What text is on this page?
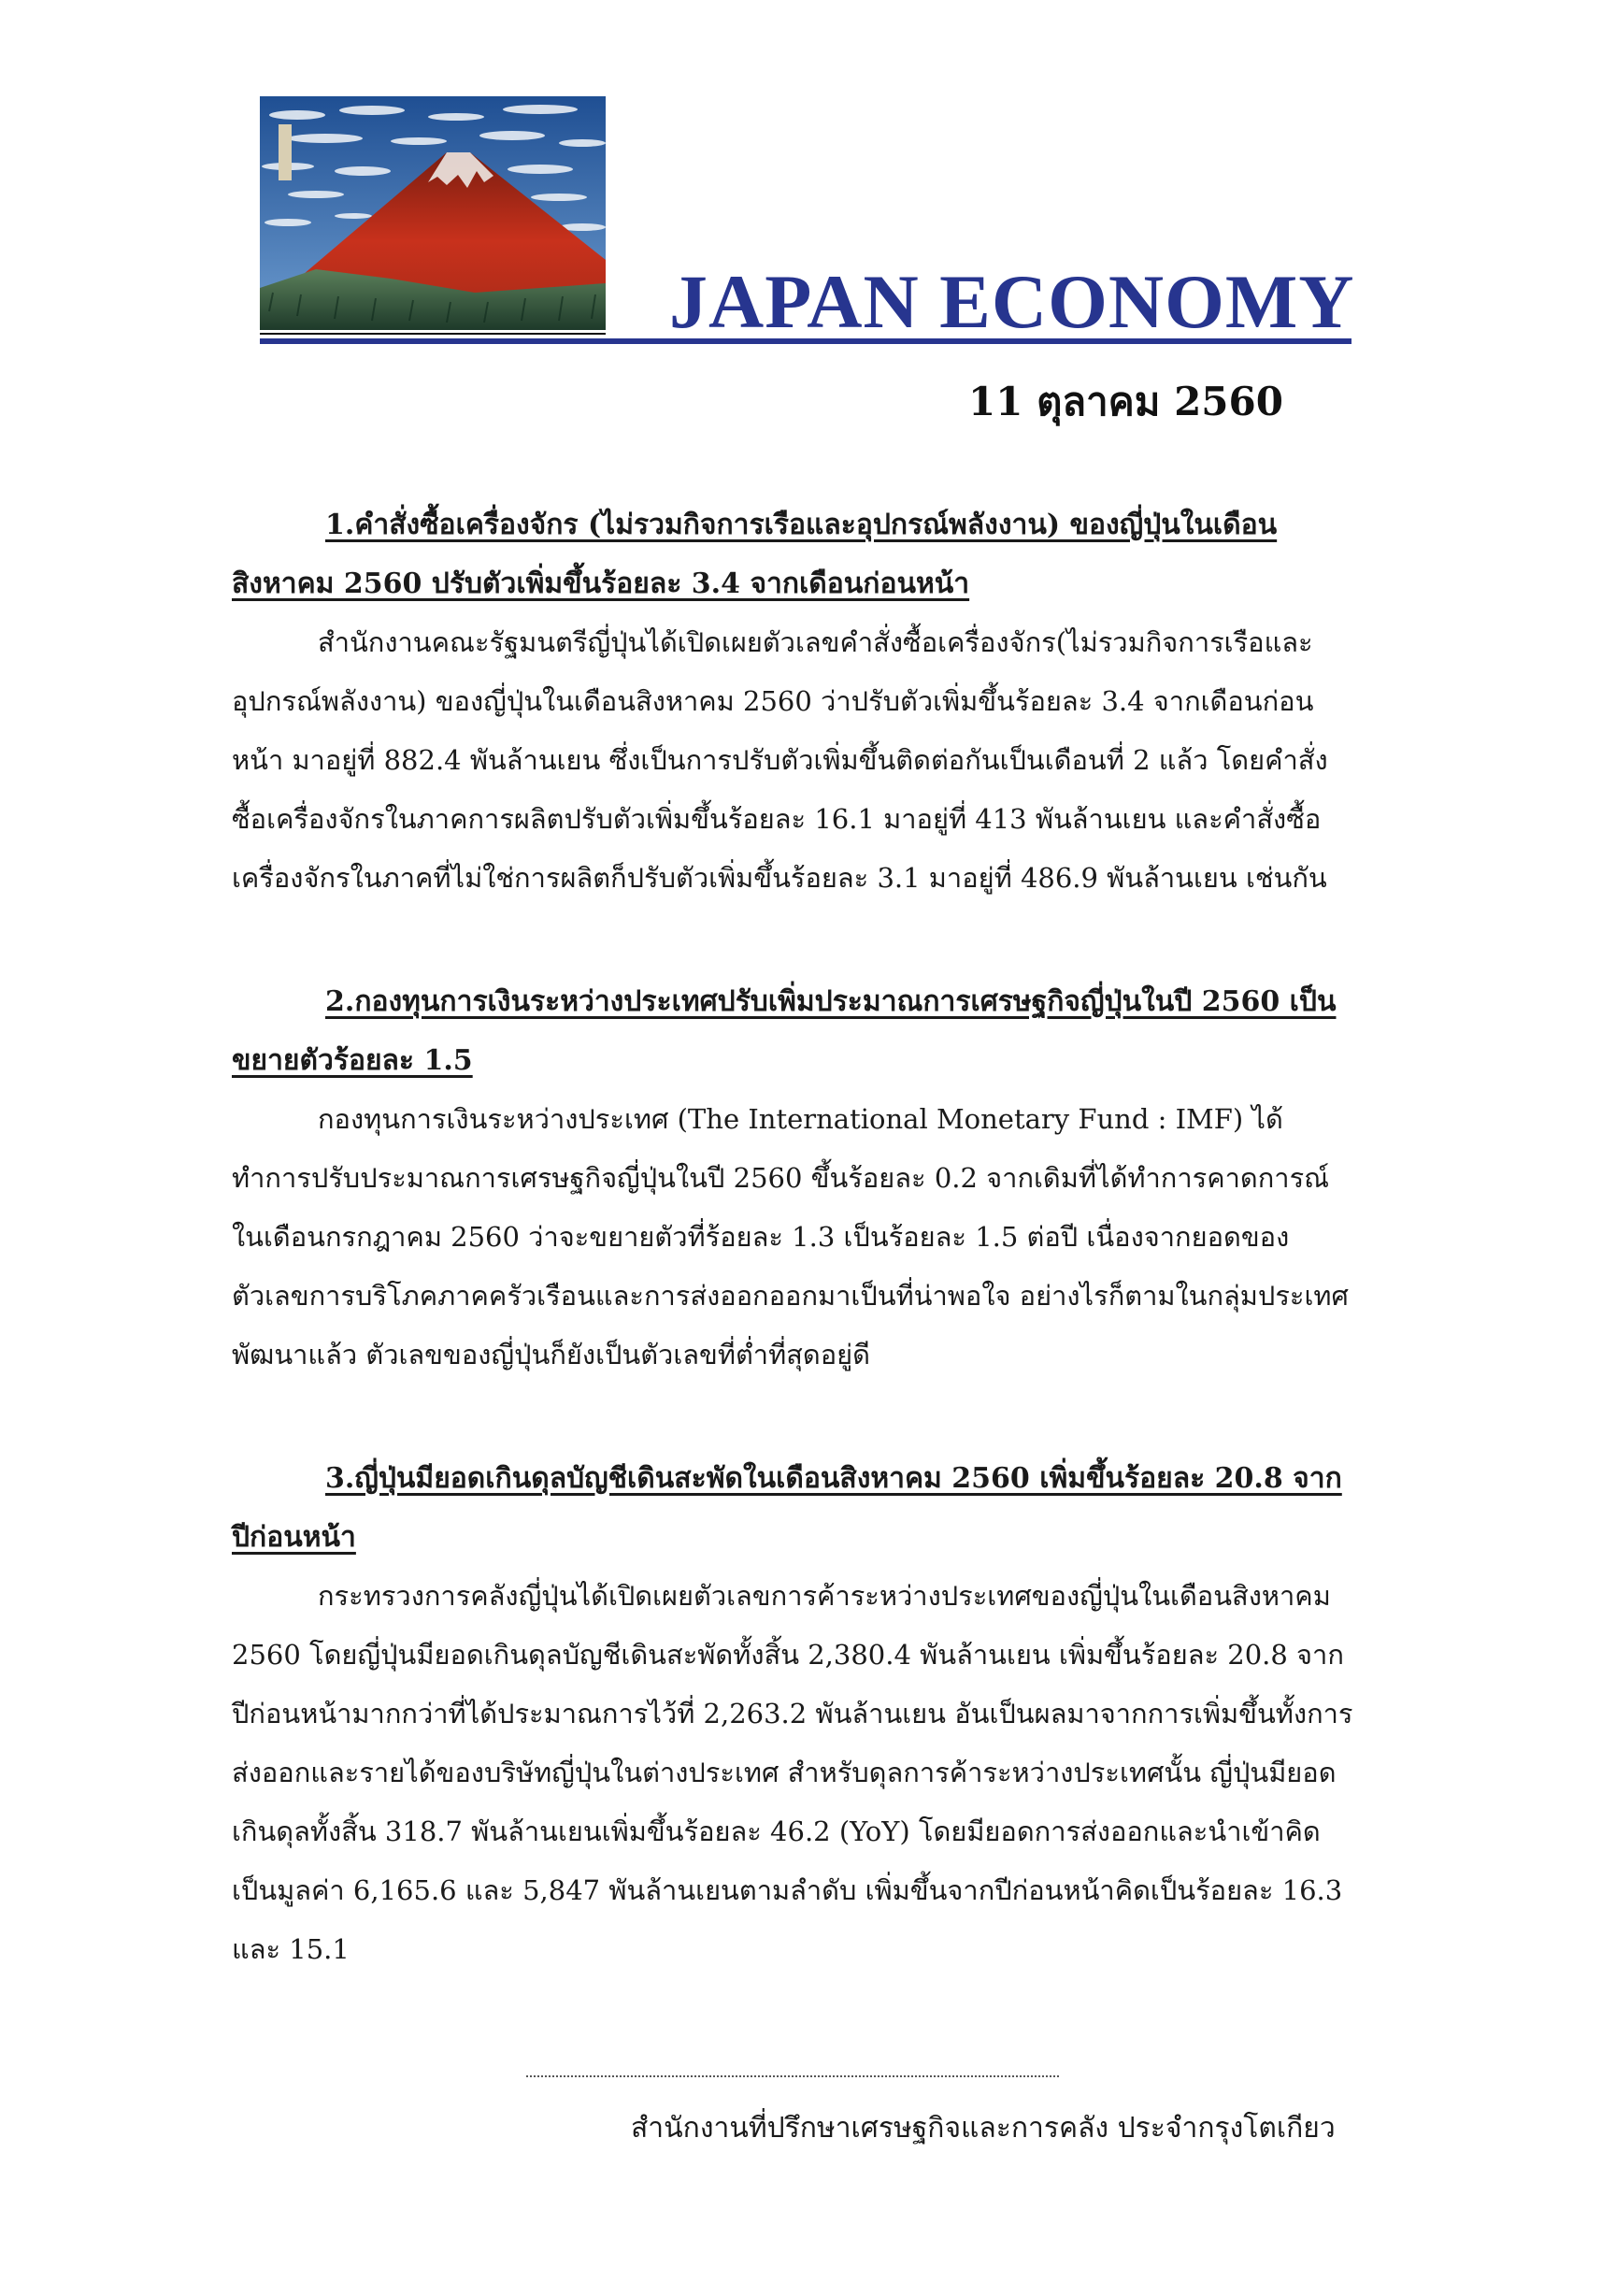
JAPAN ECONOMY
11 ตุลาคม 2560

1.คำสั่งซื้อเครื่องจักร (ไม่รวมกิจการเรือและอุปกรณ์พลังงาน) ของญี่ปุ่นในเดือนสิงหาคม 2560 ปรับตัวเพิ่มขึ้นร้อยละ 3.4 จากเดือนก่อนหน้า

สำนักงานคณะรัฐมนตรีญี่ปุ่นได้เปิดเผยตัวเลขคำสั่งซื้อเครื่องจักร(ไม่รวมกิจการเรือและอุปกรณ์พลังงาน) ของญี่ปุ่นในเดือนสิงหาคม 2560 ว่าปรับตัวเพิ่มขึ้นร้อยละ 3.4 จากเดือนก่อนหน้า มาอยู่ที่ 882.4 พันล้านเยน ซึ่งเป็นการปรับตัวเพิ่มขึ้นติดต่อกันเป็นเดือนที่ 2 แล้ว โดยคำสั่งซื้อเครื่องจักรในภาคการผลิตปรับตัวเพิ่มขึ้นร้อยละ 16.1 มาอยู่ที่ 413 พันล้านเยน และคำสั่งซื้อเครื่องจักรในภาคที่ไม่ใช่การผลิตก็ปรับตัวเพิ่มขึ้นร้อยละ 3.1 มาอยู่ที่ 486.9 พันล้านเยน เช่นกัน

2.กองทุนการเงินระหว่างประเทศปรับเพิ่มประมาณการเศรษฐกิจญี่ปุ่นในปี 2560 เป็นขยายตัวร้อยละ 1.5

กองทุนการเงินระหว่างประเทศ (The International Monetary Fund : IMF) ได้ทำการปรับประมาณการเศรษฐกิจญี่ปุ่นในปี 2560 ขึ้นร้อยละ 0.2 จากเดิมที่ได้ทำการคาดการณ์ในเดือนกรกฎาคม 2560 ว่าจะขยายตัวที่ร้อยละ 1.3 เป็นร้อยละ 1.5 ต่อปี เนื่องจากยอดของตัวเลขการบริโภคภาคครัวเรือนและการส่งออกออกมาเป็นที่น่าพอใจ อย่างไรก็ตามในกลุ่มประเทศพัฒนาแล้ว ตัวเลขของญี่ปุ่นก็ยังเป็นตัวเลขที่ต่ำที่สุดอยู่ดี

3.ญี่ปุ่นมียอดเกินดุลบัญชีเดินสะพัดในเดือนสิงหาคม 2560 เพิ่มขึ้นร้อยละ 20.8 จากปีก่อนหน้า

กระทรวงการคลังญี่ปุ่นได้เปิดเผยตัวเลขการค้าระหว่างประเทศของญี่ปุ่นในเดือนสิงหาคม 2560 โดยญี่ปุ่นมียอดเกินดุลบัญชีเดินสะพัดทั้งสิ้น 2,380.4 พันล้านเยน เพิ่มขึ้นร้อยละ 20.8 จากปีก่อนหน้ามากกว่าที่ได้ประมาณการไว้ที่ 2,263.2 พันล้านเยน อันเป็นผลมาจากการเพิ่มขึ้นทั้งการส่งออกและรายได้ของบริษัทญี่ปุ่นในต่างประเทศ สำหรับดุลการค้าระหว่างประเทศนั้น ญี่ปุ่นมียอดเกินดุลทั้งสิ้น 318.7 พันล้านเยนเพิ่มขึ้นร้อยละ 46.2 (YoY) โดยมียอดการส่งออกและนำเข้าคิดเป็นมูลค่า 6,165.6 และ 5,847 พันล้านเยนตามลำดับ เพิ่มขึ้นจากปีก่อนหน้าคิดเป็นร้อยละ 16.3 และ 15.1

สำนักงานที่ปรึกษาเศรษฐกิจและการคลัง ประจำกรุงโตเกียว
